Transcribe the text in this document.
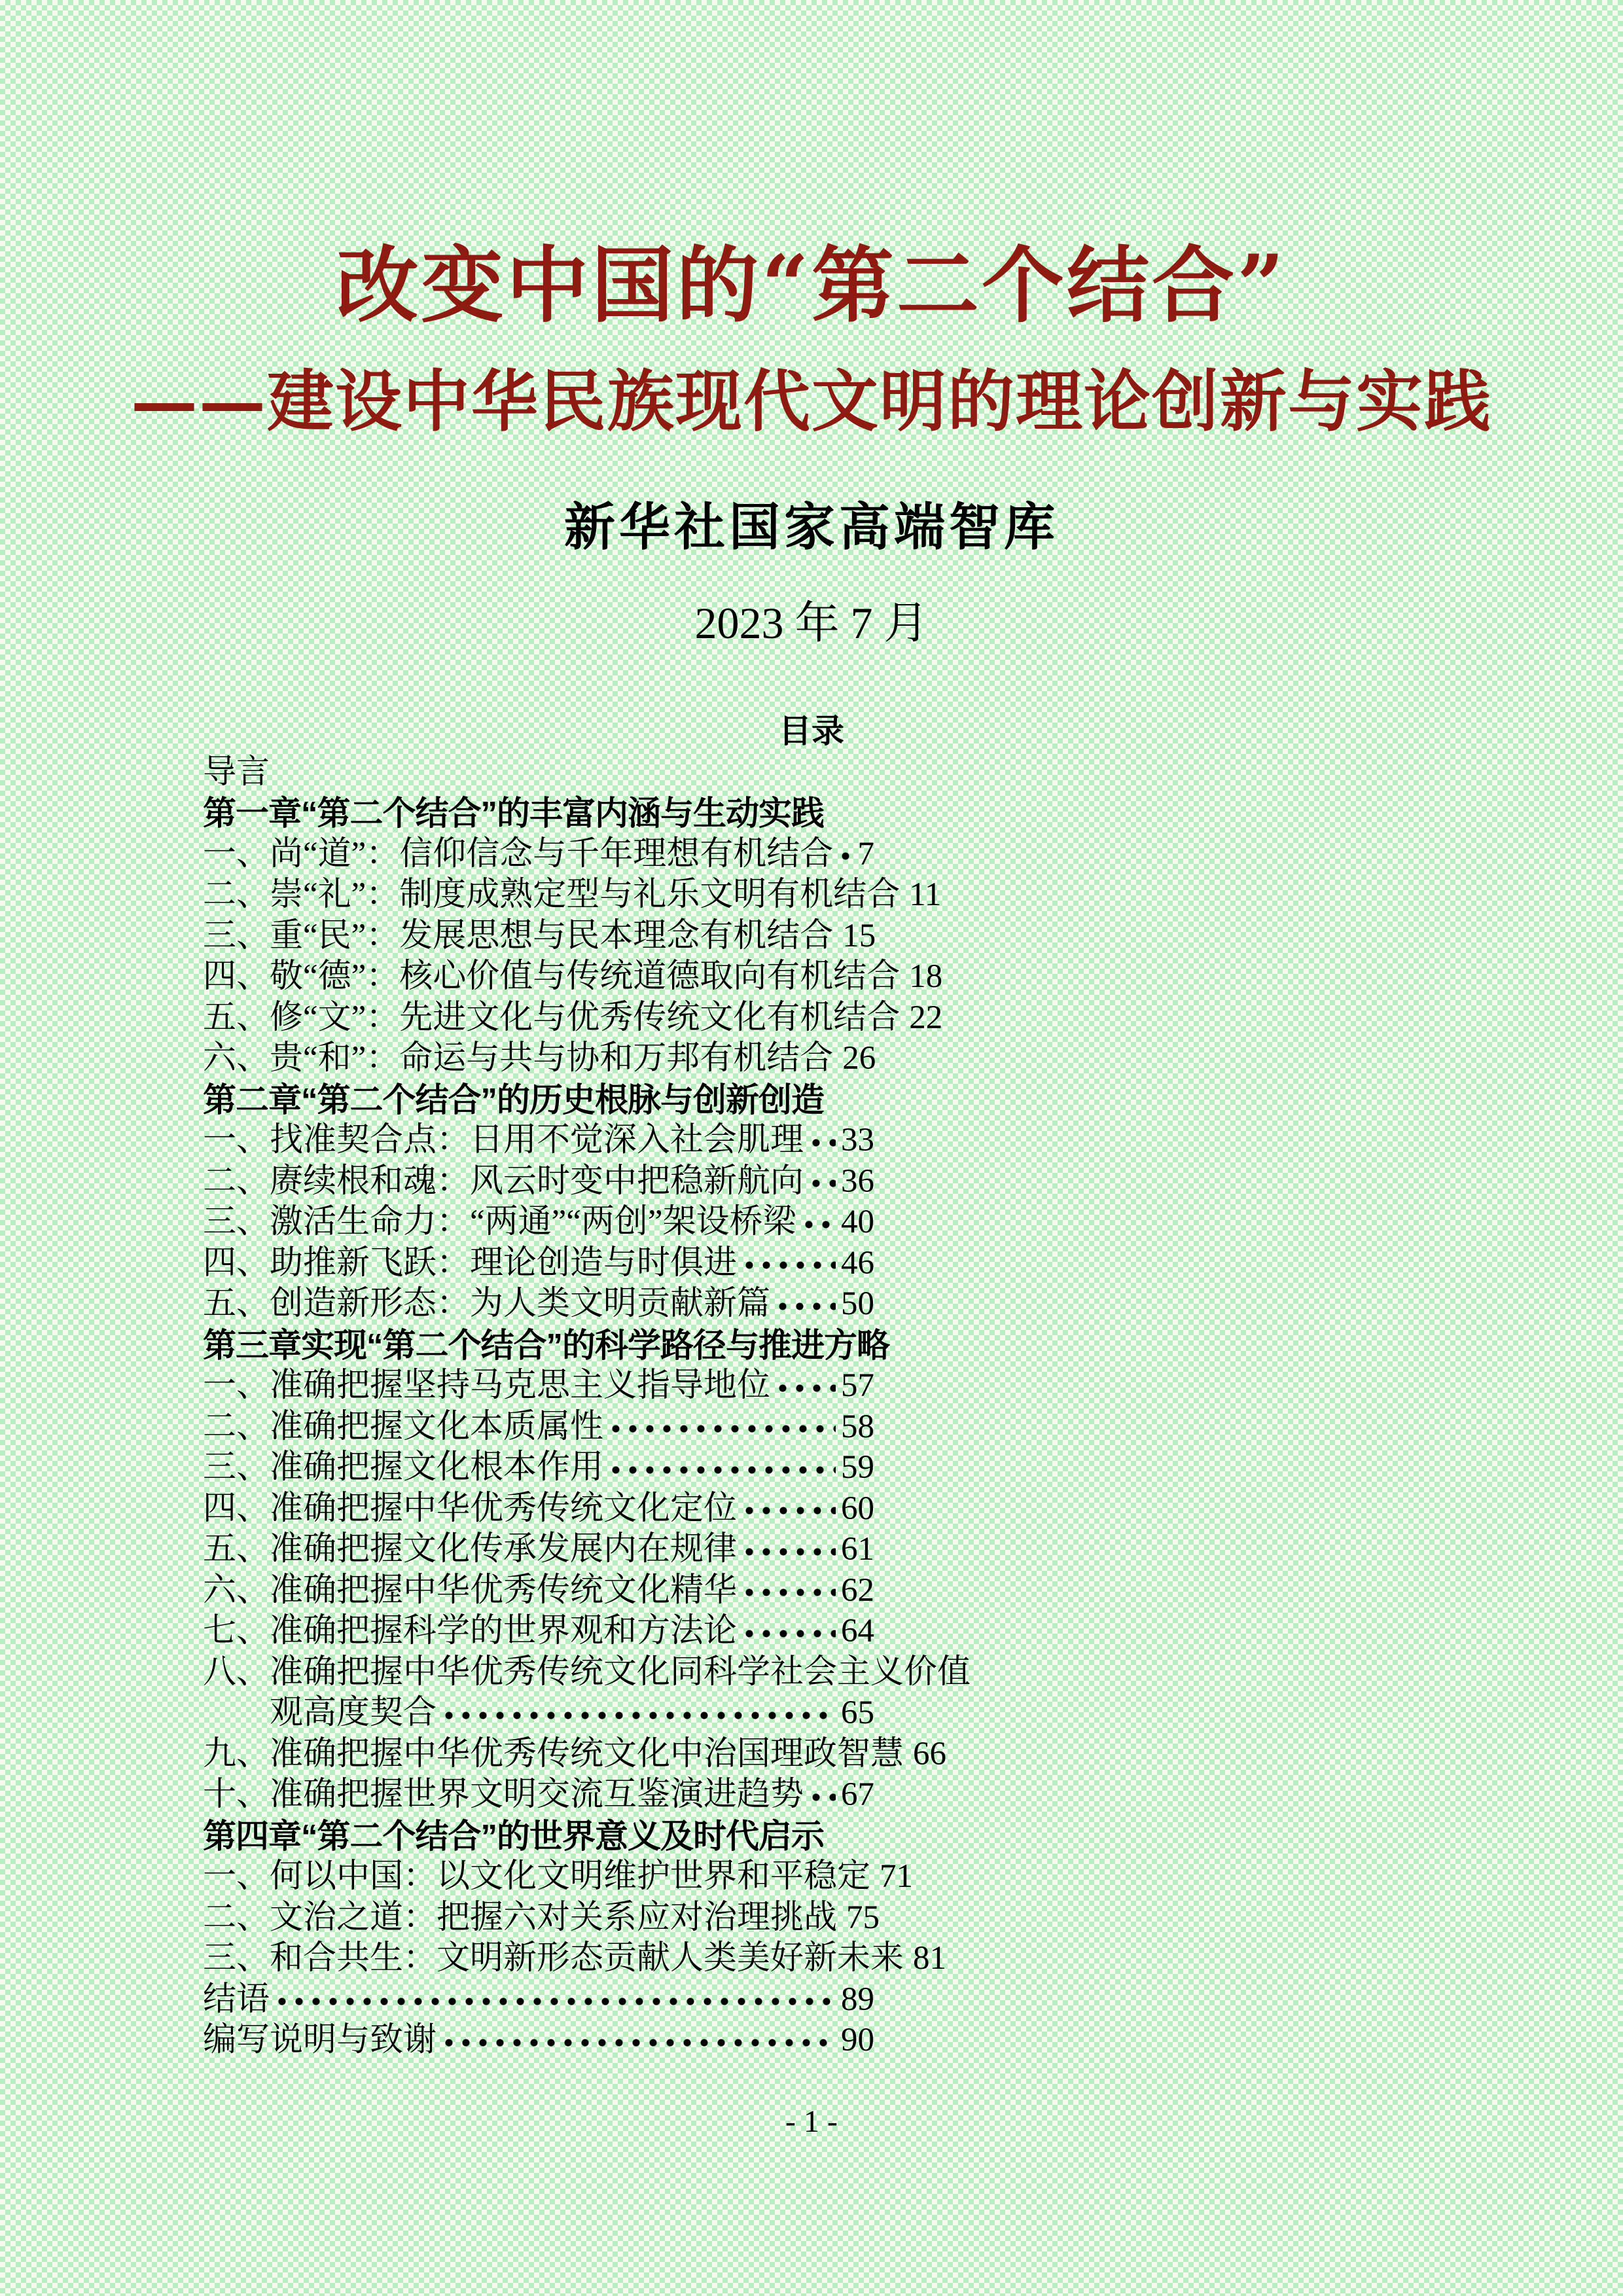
改变中国的“第二个结合”
——建设中华民族现代文明的理论创新与实践
新华社国家高端智库
2023 年 7 月
目录
导言
第一章“第二个结合”的丰富内涵与生动实践
一、尚“道”：信仰信念与千年理想有机结合 7
二、崇“礼”：制度成熟定型与礼乐文明有机结合 11
三、重“民”：发展思想与民本理念有机结合 15
四、敬“德”：核心价值与传统道德取向有机结合 18
五、修“文”：先进文化与优秀传统文化有机结合 22
六、贵“和”：命运与共与协和万邦有机结合 26
第二章“第二个结合”的历史根脉与创新创造
一、找准契合点：日用不觉深入社会肌理 33
二、赓续根和魂：风云时变中把稳新航向 36
三、激活生命力：“两通”“两创”架设桥梁 40
四、助推新飞跃：理论创造与时俱进	46
五、创造新形态：为人类文明贡献新篇 50
第三章实现“第二个结合”的科学路径与推进方略
一、准确把握坚持马克思主义指导地位 57
二、准确把握文化本质属性	58
三、准确把握文化根本作用	59
四、准确把握中华优秀传统文化定位	60
五、准确把握文化传承发展内在规律	61
六、准确把握中华优秀传统文化精华	62
七、准确把握科学的世界观和方法论	64
八、准确把握中华优秀传统文化同科学社会主义价值
观高度契合	65
九、准确把握中华优秀传统文化中治国理政智慧 66
十、准确把握世界文明交流互鉴演进趋势 67
第四章“第二个结合”的世界意义及时代启示
一、何以中国：以文化文明维护世界和平稳定 71
二、文治之道：把握六对关系应对治理挑战 75
三、和合共生：文明新形态贡献人类美好新未来 81
结语	89
编写说明与致谢	90
- 1 -
